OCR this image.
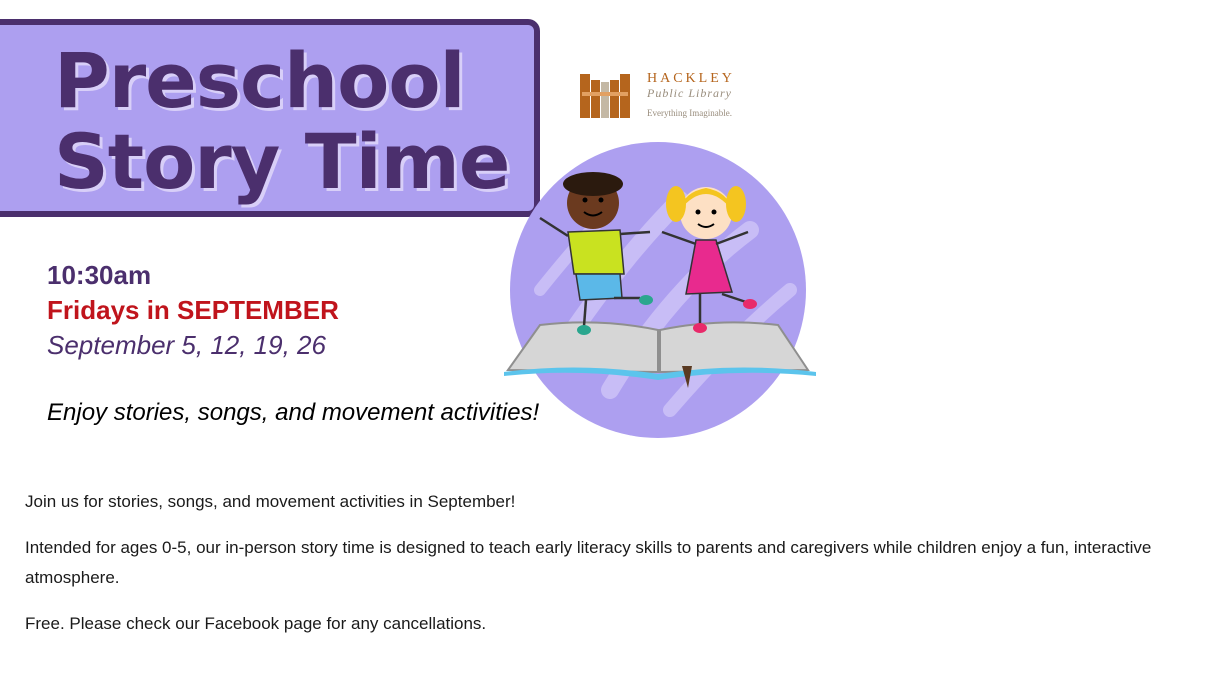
Preschool
Story Time
HACKLEY
Public Library
Everything Imaginable.
10:30am
Fridays in SEPTEMBER
September 5, 12, 19, 26
Enjoy stories, songs, and movement activities!

Join us for stories, songs, and movement activities in September!

Intended for ages 0-5, our in-person story time is designed to teach early literacy skills to parents and caregivers while children enjoy a fun, interactive atmosphere.

Free. Please check our Facebook page for any cancellations.
